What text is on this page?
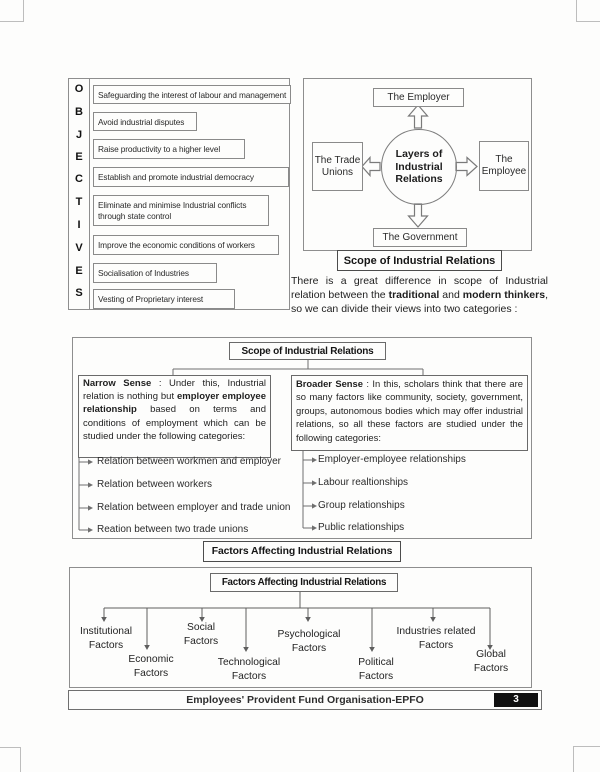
O
B
J
E
C
T
I
V
E
S
Safeguarding the interest of labour and management
Avoid industrial disputes
Raise productivity to a higher level
Establish and promote industrial democracy
Eliminate and minimise Industrial conflicts through state control
Improve the economic conditions of workers
Socialisation of Industries
Vesting of Proprietary interest
The Employer
The Trade Unions
The Employee
The Government
Layers of
Industrial
Relations
Scope of Industrial Relations
There is a great difference in scope of Industrial relation between the traditional and modern thinkers, so we can divide their views into two categories :
Scope of Industrial Relations
Narrow Sense : Under this, Industrial relation is nothing but employer employee relationship based on terms and conditions of employment which can be studied under the following categories:
Broader Sense : In this, scholars think that there are so many factors like community, society, government, groups, autonomous bodies which may offer industrial relations, so all these factors are studied under the following categories:
Relation between workmen and employer
Relation between workers
Relation between employer and trade union
Reation between two trade unions
Employer-employee relationships
Labour realtionships
Group relationships
Public relationships
Factors Affecting Industrial Relations
Factors Affecting Industrial Relations
Institutional Factors
Economic Factors
Social Factors
Technological Factors
Psychological Factors
Political Factors
Industries related Factors
Global Factors
Employees' Provident Fund Organisation-EPFO	3
